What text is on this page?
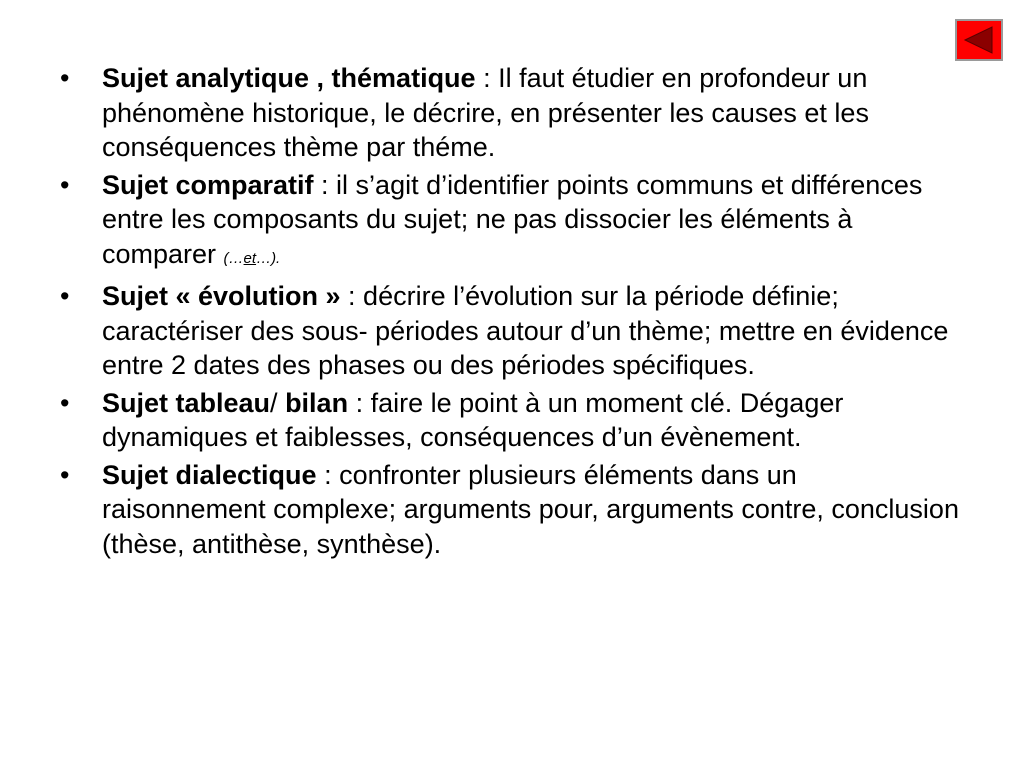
• Sujet analytique , thématique : Il faut étudier en profondeur un phénomène historique, le décrire, en présenter les causes et les conséquences thème par théme.
• Sujet comparatif : il s’agit d’identifier points communs et différences entre les composants du sujet; ne pas dissocier les éléments à comparer (…et…).
• Sujet « évolution » : décrire l’évolution sur la période définie; caractériser des sous- périodes autour d’un thème; mettre en évidence entre 2 dates des phases ou des périodes spécifiques.
• Sujet tableau/ bilan : faire le point à un moment clé. Dégager dynamiques et faiblesses, conséquences d’un évènement.
• Sujet dialectique : confronter plusieurs éléments dans un raisonnement complexe; arguments pour, arguments contre, conclusion (thèse, antithèse, synthèse).
